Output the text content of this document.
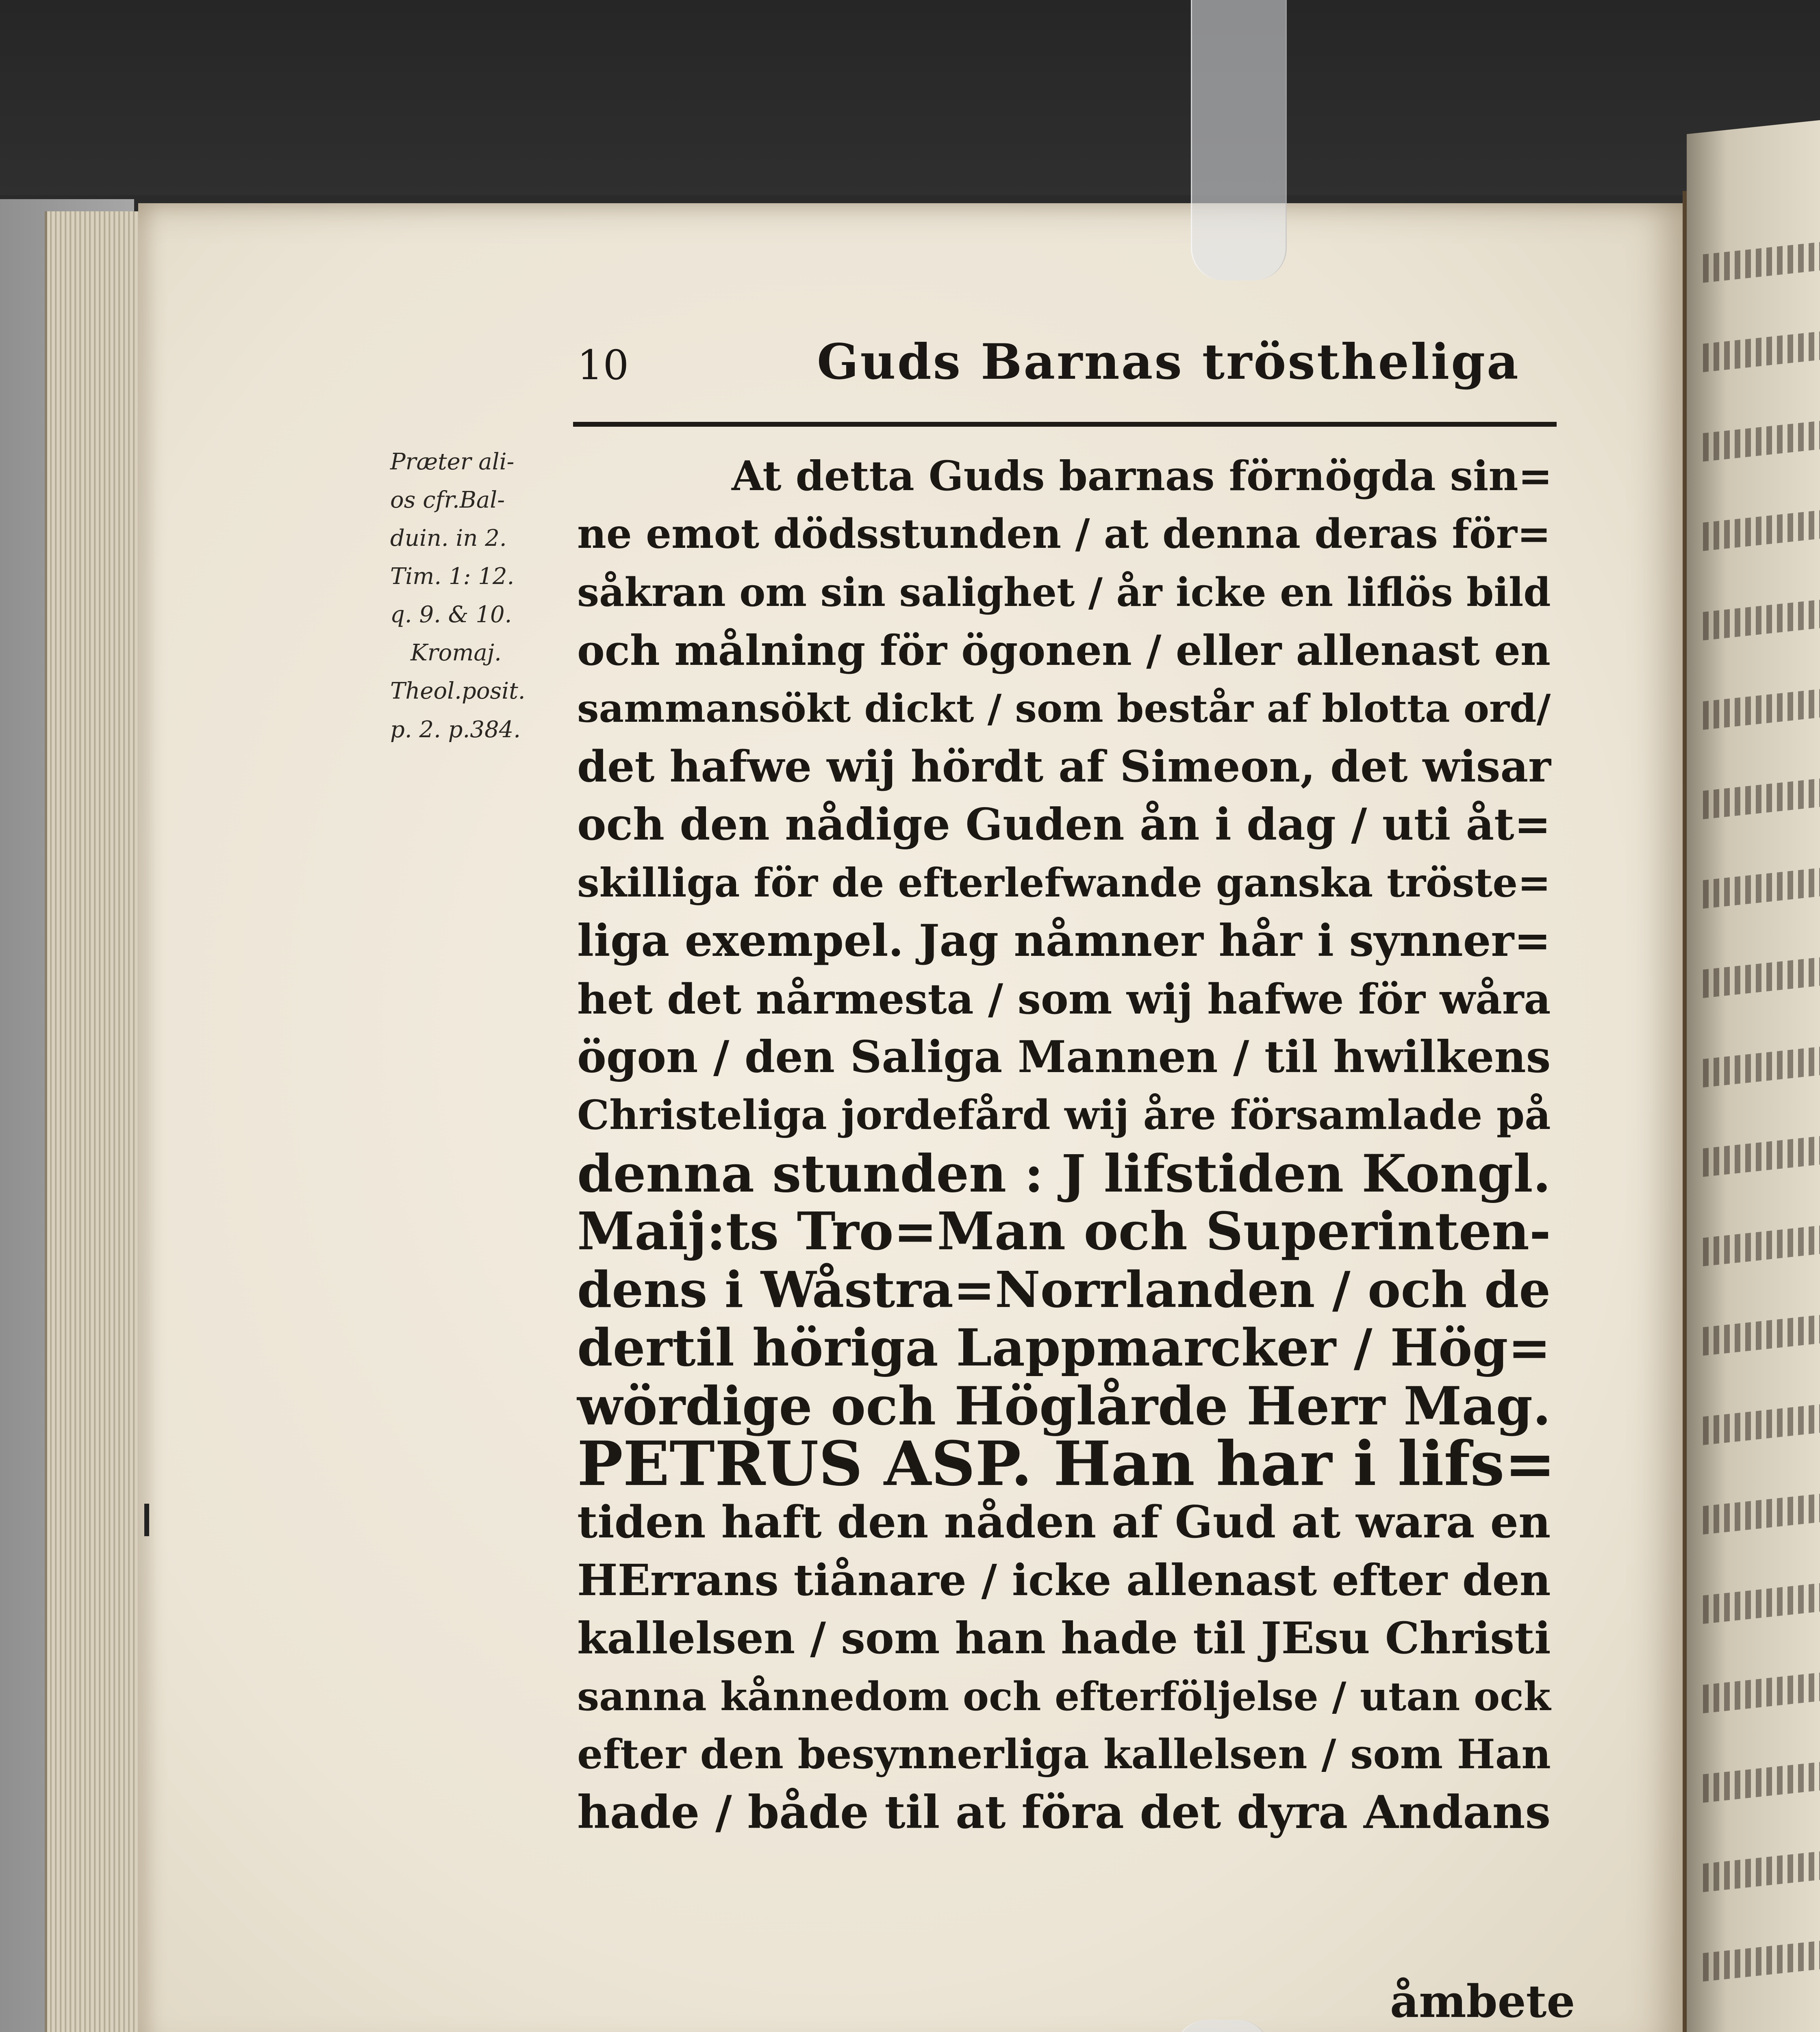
10	Guds Barnas tröstheliga
Præter ali-
os cfr.Bal-
duin. in 2.
Tim. 1: 12.
q. 9. & 10.
Kromaj.
Theol.posit.
p. 2. p.384.
At detta Guds barnas förnögda sin=
ne emot dödsstunden / at denna deras för=
såkran om sin salighet / år icke en liflös bild
och målning för ögonen / eller allenast en
sammansökt dickt / som består af blotta ord/
det hafwe wij hördt af Simeon, det wisar
och den nådige Guden ån i dag / uti åt=
skilliga för de efterlefwande ganska tröste=
liga exempel. Jag nåmner hår i synner=
het det nårmesta / som wij hafwe för wåra
ögon / den Saliga Mannen / til hwilkens
Christeliga jordefård wij åre församlade på
denna stunden : J lifstiden Kongl.
Maij:ts Tro=Man och Superinten-
dens i Wåstra=Norrlanden / och de
dertil höriga Lappmarcker / Hög=
wördige och Höglårde Herr Mag.
PETRUS ASP. Han har i lifs=
tiden haft den nåden af Gud at wara en
HErrans tiånare / icke allenast efter den
kallelsen / som han hade til JEsu Christi
sanna kånnedom och efterföljelse / utan ock
efter den besynnerliga kallelsen / som Han
hade / både til at föra det dyra Andans
åmbete
